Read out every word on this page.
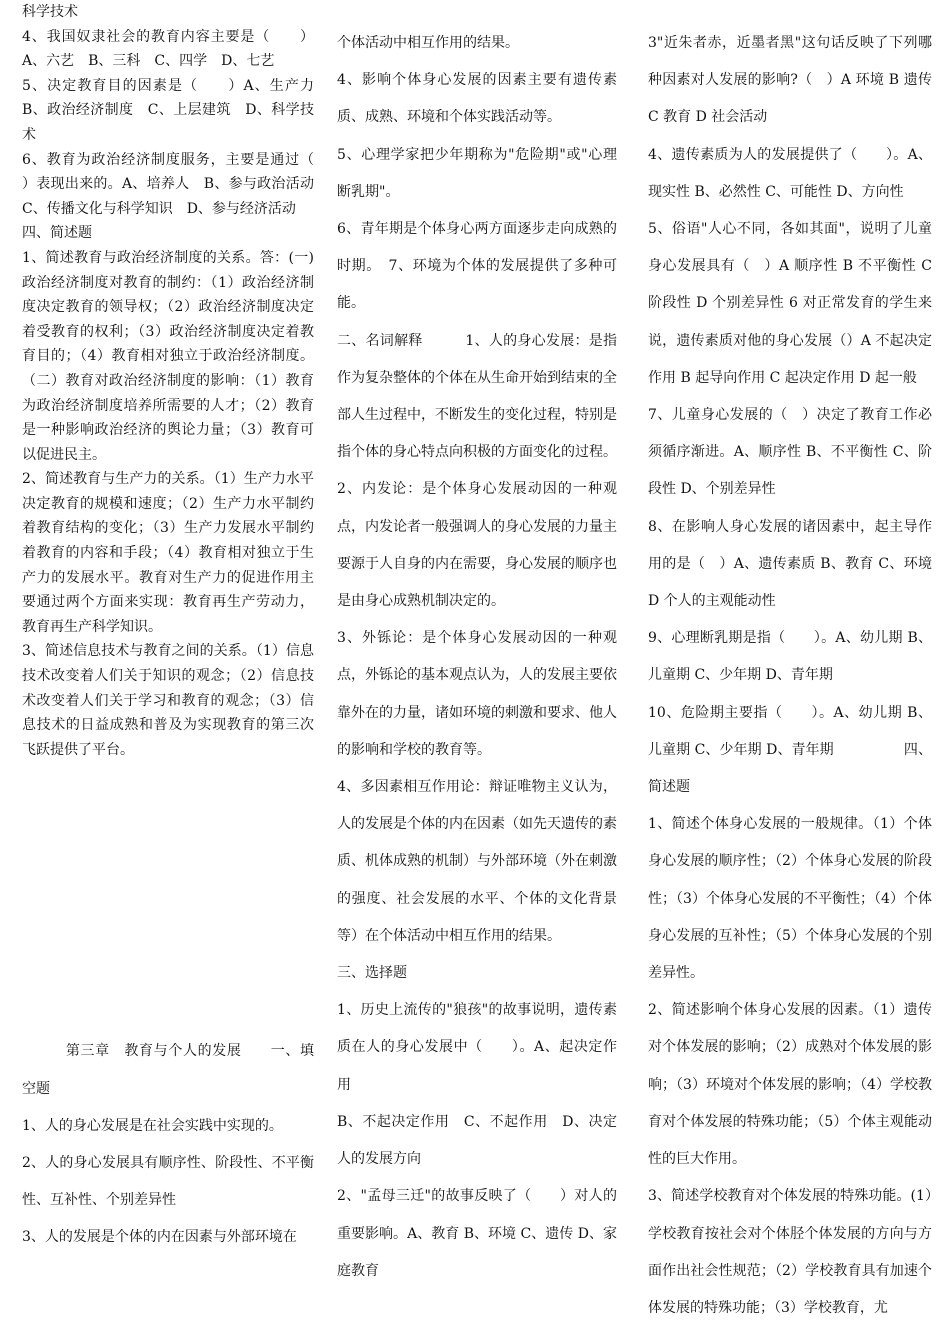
科学技术

4、我国奴隶社会的教育内容主要是（　　）A、六艺　B、三科　C、四学　D、七艺

5、决定教育目的因素是（　　）A、生产力 B、政治经济制度　C、上层建筑　D、科学技术

6、教育为政治经济制度服务，主要是通过（　　）表现出来的。A、培养人　B、参与政治活动　C、传播文化与科学知识　D、参与经济活动

四、简述题

1、简述教育与政治经济制度的关系。答：(一) 政治经济制度对教育的制约：（1）政治经济制度决定教育的领导权；（2）政治经济制度决定着受教育的权利；（3）政治经济制度决定着教育目的；（4）教育相对独立于政治经济制度。（二）教育对政治经济制度的影响：（1）教育为政治经济制度培养所需要的人才；（2）教育是一种影响政治经济的舆论力量；（3）教育可以促进民主。

2、简述教育与生产力的关系。（1）生产力水平决定教育的规模和速度；（2）生产力水平制约着教育结构的变化；（3）生产力发展水平制约着教育的内容和手段；（4）教育相对独立于生产力的发展水平。教育对生产力的促进作用主要通过两个方面来实现：教育再生产劳动力，教育再生产科学知识。

3、简述信息技术与教育之间的关系。（1）信息技术改变着人们关于知识的观念；（2）信息技术改变着人们关于学习和教育的观念；（3）信息技术的日益成熟和普及为实现教育的第三次飞跃提供了平台。

　　　第三章　教育与个人的发展　　一、填空题

1、人的身心发展是在社会实践中实现的。

2、人的身心发展具有顺序性、阶段性、不平衡性、互补性、个别差异性

3、人的发展是个体的内在因素与外部环境在

个体活动中相互作用的结果。

4、影响个体身心发展的因素主要有遗传素质、成熟、环境和个体实践活动等。

5、心理学家把少年期称为"危险期"或"心理断乳期"。

6、青年期是个体身心两方面逐步走向成熟的时期。　7、环境为个体的发展提供了多种可能。

二、名词解释　　　1、人的身心发展：是指作为复杂整体的个体在从生命开始到结束的全部人生过程中，不断发生的变化过程，特别是指个体的身心特点向积极的方面变化的过程。

2、内发论：是个体身心发展动因的一种观点，内发论者一般强调人的身心发展的力量主要源于人自身的内在需要，身心发展的顺序也是由身心成熟机制决定的。

3、外铄论：是个体身心发展动因的一种观点，外铄论的基本观点认为，人的发展主要依靠外在的力量，诸如环境的刺激和要求、他人的影响和学校的教育等。

4、多因素相互作用论：辩证唯物主义认为，人的发展是个体的内在因素（如先天遗传的素质、机体成熟的机制）与外部环境（外在刺激的强度、社会发展的水平、个体的文化背景等）在个体活动中相互作用的结果。

三、选择题

1、历史上流传的"狼孩"的故事说明，遗传素质在人的身心发展中（　　）。A、起决定作用

B、不起决定作用　C、不起作用　D、决定人的发展方向

2、"孟母三迁"的故事反映了（　　）对人的重要影响。A、教育 B、环境 C、遗传 D、家庭教育

3"近朱者赤，近墨者黑"这句话反映了下列哪种因素对人发展的影响?（　）A 环境 B 遗传 C 教育 D 社会活动

4、遗传素质为人的发展提供了（　　）。A、现实性 B、必然性 C、可能性 D、方向性

5、俗语"人心不同，各如其面"，说明了儿童身心发展具有（　）A 顺序性 B 不平衡性 C 阶段性 D 个别差异性 6 对正常发育的学生来说，遗传素质对他的身心发展（）A 不起决定作用 B 起导向作用 C 起决定作用 D 起一般

7、儿童身心发展的（　）决定了教育工作必须循序渐进。A、顺序性 B、不平衡性 C、阶段性 D、个别差异性

8、在影响人身心发展的诸因素中，起主导作用的是（　）A、遗传素质 B、教育 C、环境 D 个人的主观能动性

9、心理断乳期是指（　　）。A、幼儿期 B、儿童期 C、少年期 D、青年期

10、危险期主要指（　　）。A、幼儿期 B、儿童期 C、少年期 D、青年期　　　　　四、简述题

1、简述个体身心发展的一般规律。（1）个体身心发展的顺序性；（2）个体身心发展的阶段性；（3）个体身心发展的不平衡性；（4）个体身心发展的互补性；（5）个体身心发展的个别差异性。

2、简述影响个体身心发展的因素。（1）遗传对个体发展的影响；（2）成熟对个体发展的影响；（3）环境对个体发展的影响；（4）学校教育对个体发展的特殊功能；（5）个体主观能动性的巨大作用。

3、简述学校教育对个体发展的特殊功能。(1）学校教育按社会对个体胫个体发展的方向与方面作出社会性规范；（2）学校教育具有加速个体发展的特殊功能；（3）学校教育，尤
